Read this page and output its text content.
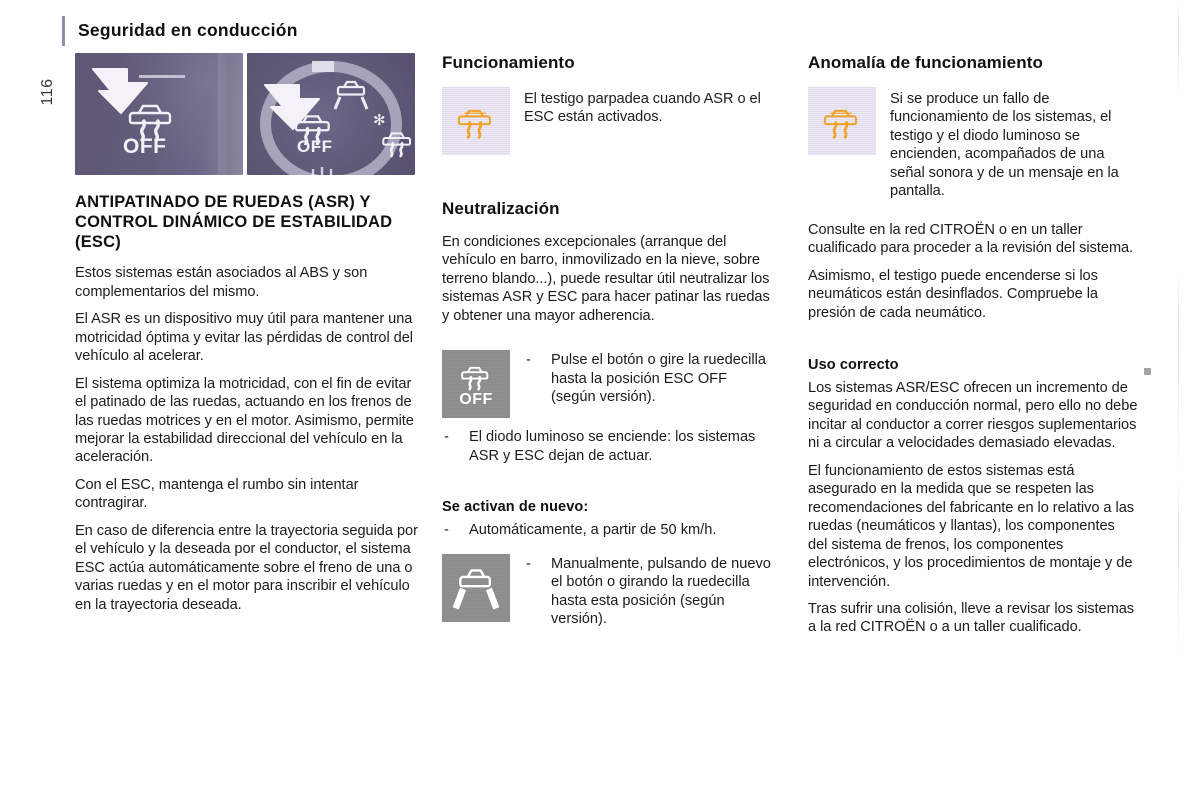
116
Seguridad en conducción
OFF	OFF
✻
ANTIPATINADO DE RUEDAS (ASR) Y CONTROL DINÁMICO DE ESTABILIDAD (ESC)

Estos sistemas están asociados al ABS y son complementarios del mismo.

El ASR es un dispositivo muy útil para mantener una motricidad óptima y evitar las pérdidas de control del vehículo al acelerar.

El sistema optimiza la motricidad, con el fin de evitar el patinado de las ruedas, actuando en los frenos de las ruedas motrices y en el motor. Asimismo, permite mejorar la estabilidad direccional del vehículo en la aceleración.

Con el ESC, mantenga el rumbo sin intentar contragirar.

En caso de diferencia entre la trayectoria seguida por el vehículo y la deseada por el conductor, el sistema ESC actúa automáticamente sobre el freno de una o varias ruedas y en el motor para inscribir el vehículo en la trayectoria deseada.

Funcionamiento

El testigo parpadea cuando ASR o el ESC están activados.

Neutralización

En condiciones excepcionales (arranque del vehículo en barro, inmovilizado en la nieve, sobre terreno blando...), puede resultar útil neutralizar los sistemas ASR y ESC para hacer patinar las ruedas y obtener una mayor adherencia.

OFF
- Pulse el botón o gire la ruedecilla hasta la posición ESC OFF (según versión).
- El diodo luminoso se enciende: los sistemas ASR y ESC dejan de actuar.
Se activan de nuevo:
- Automáticamente, a partir de 50 km/h.
- Manualmente, pulsando de nuevo el botón o girando la ruedecilla hasta esta posición (según versión).
Anomalía de funcionamiento

Si se produce un fallo de funcionamiento de los sistemas, el testigo y el diodo luminoso se encienden, acompañados de una señal sonora y de un mensaje en la pantalla.

Consulte en la red CITROËN o en un taller cualificado para proceder a la revisión del sistema.

Asimismo, el testigo puede encenderse si los neumáticos están desinflados. Compruebe la presión de cada neumático.

Uso correcto

Los sistemas ASR/ESC ofrecen un incremento de seguridad en conducción normal, pero ello no debe incitar al conductor a correr riesgos suplementarios ni a circular a velocidades demasiado elevadas.

El funcionamiento de estos sistemas está asegurado en la medida que se respeten las recomendaciones del fabricante en lo relativo a las ruedas (neumáticos y llantas), los componentes del sistema de frenos, los componentes electrónicos, y los procedimientos de montaje y de intervención.

Tras sufrir una colisión, lleve a revisar los sistemas a la red CITROËN o a un taller cualificado.
